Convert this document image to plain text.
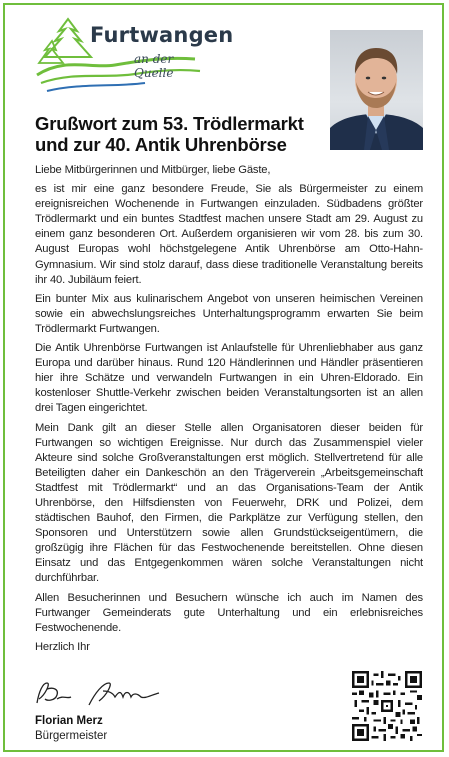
Furtwangen
an der Quelle
Grußwort zum 53. Trödlermarkt
und zur 40. Antik Uhrenbörse

Liebe Mitbürgerinnen und Mitbürger, liebe Gäste,

es ist mir eine ganz besondere Freude, Sie als Bürgermeister zu einem ereignisreichen Wochenende in Furtwangen einzuladen. Südbadens größter Trödlermarkt und ein buntes Stadtfest machen unsere Stadt am 29. August zu einem ganz besonderen Ort. Außerdem organisieren wir vom 28. bis zum 30. August Europas wohl höchstgelegene Antik Uhrenbörse am Otto-Hahn-Gymnasium. Wir sind stolz darauf, dass diese traditionelle Veranstaltung bereits ihr 40. Jubiläum feiert.

Ein bunter Mix aus kulinarischem Angebot von unseren heimischen Vereinen sowie ein abwechslungsreiches Unterhaltungsprogramm erwarten Sie beim Trödlermarkt Furtwangen.

Die Antik Uhrenbörse Furtwangen ist Anlaufstelle für Uhrenliebhaber aus ganz Europa und darüber hinaus. Rund 120 Händlerinnen und Händler präsentieren hier ihre Schätze und verwandeln Furtwangen in ein Uhren-Eldorado. Ein kostenloser Shuttle-Verkehr zwischen beiden Veranstaltungsorten ist an allen drei Tagen eingerichtet.

Mein Dank gilt an dieser Stelle allen Organisatoren dieser beiden für Furtwangen so wichtigen Ereignisse. Nur durch das Zusammenspiel vieler Akteure sind solche Großveranstaltungen erst möglich. Stellvertretend für alle Beteiligten daher ein Dankeschön an den Trägerverein „Arbeitsgemeinschaft Stadtfest mit Trödlermarkt“ und an das Organisations-Team der Antik Uhrenbörse, den Hilfsdiensten von Feuerwehr, DRK und Polizei, dem städtischen Bauhof, den Firmen, die Parkplätze zur Verfügung stellen, den Sponsoren und Unterstützern sowie allen Grundstückseigentümern, die großzügig ihre Flächen für das Festwochenende bereitstellen. Ohne diesen Einsatz und das Entgegenkommen wären solche Veranstaltungen nicht durchführbar.

Allen Besucherinnen und Besuchern wünsche ich auch im Namen des Furtwanger Gemeinderats gute Unterhaltung und ein erlebnisreiches Festwochenende.

Herzlich Ihr

Florian Merz
Bürgermeister
